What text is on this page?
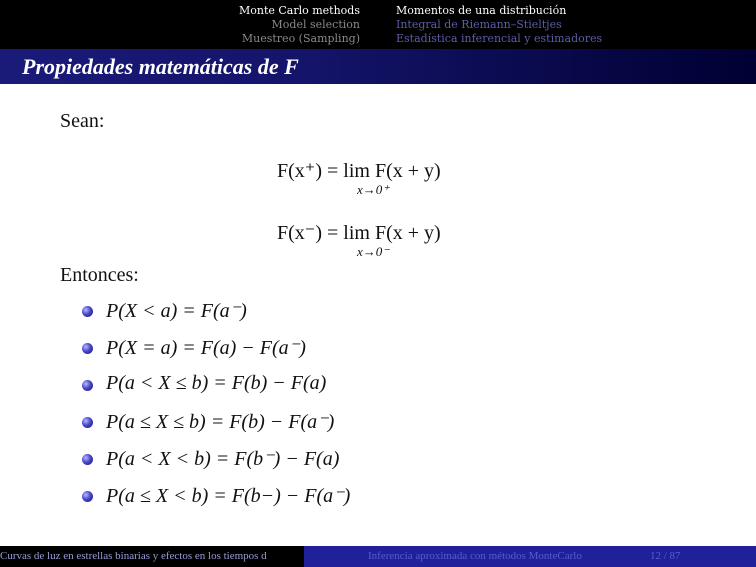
Monte Carlo methods
Model selection
Muestreo (Sampling)
Momentos de una distribución
Integral de Riemann–Stieltjes
Estadística inferencial y estimadores
Propiedades matemáticas de F
Sean:
F(x⁺) = lim F(x + y)
x→0⁺
F(x⁻) = lim F(x + y)
x→0⁻
Entonces:
P(X < a) = F(a⁻)
P(X = a) = F(a) − F(a⁻)
P(a < X ≤ b) = F(b) − F(a)
P(a ≤ X ≤ b) = F(b) − F(a⁻)
P(a < X < b) = F(b⁻) − F(a)
P(a ≤ X < b) = F(b−) − F(a⁻)
Curvas de luz en estrellas binarias y efectos en los tiempos d	Inferencia aproximada con métodos MonteCarlo	12 / 87
